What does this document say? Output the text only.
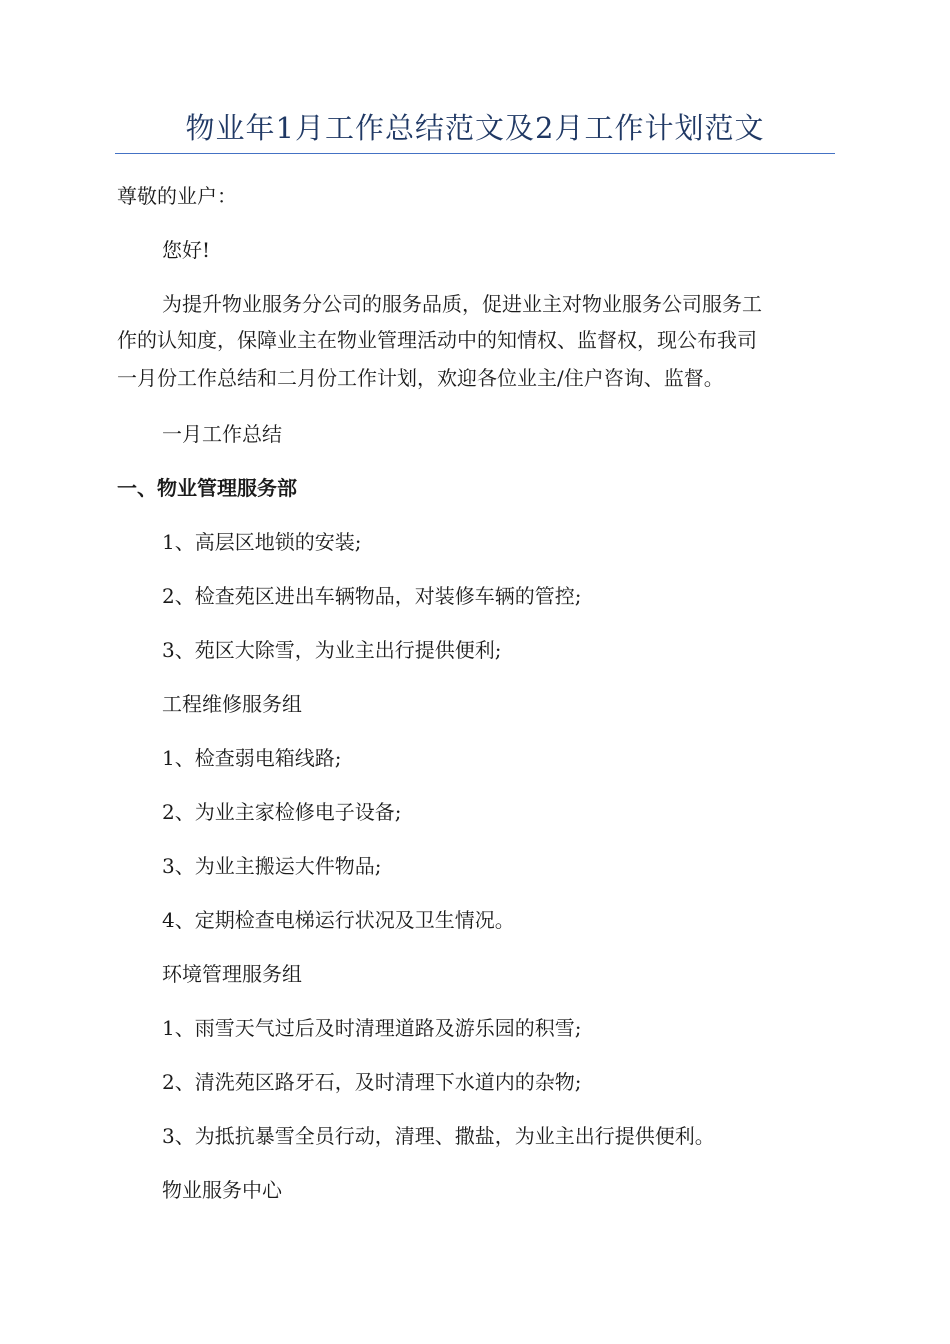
物业年1月工作总结范文及2月工作计划范文
尊敬的业户：
您好!
为提升物业服务分公司的服务品质，促进业主对物业服务公司服务工
作的认知度，保障业主在物业管理活动中的知情权、监督权，现公布我司
一月份工作总结和二月份工作计划，欢迎各位业主/住户咨询、监督。
一月工作总结
一、物业管理服务部
1、高层区地锁的安装;
2、检查苑区进出车辆物品，对装修车辆的管控;
3、苑区大除雪，为业主出行提供便利;
工程维修服务组
1、检查弱电箱线路;
2、为业主家检修电子设备;
3、为业主搬运大件物品;
4、定期检查电梯运行状况及卫生情况。
环境管理服务组
1、雨雪天气过后及时清理道路及游乐园的积雪;
2、清洗苑区路牙石，及时清理下水道内的杂物;
3、为抵抗暴雪全员行动，清理、撒盐，为业主出行提供便利。
物业服务中心
